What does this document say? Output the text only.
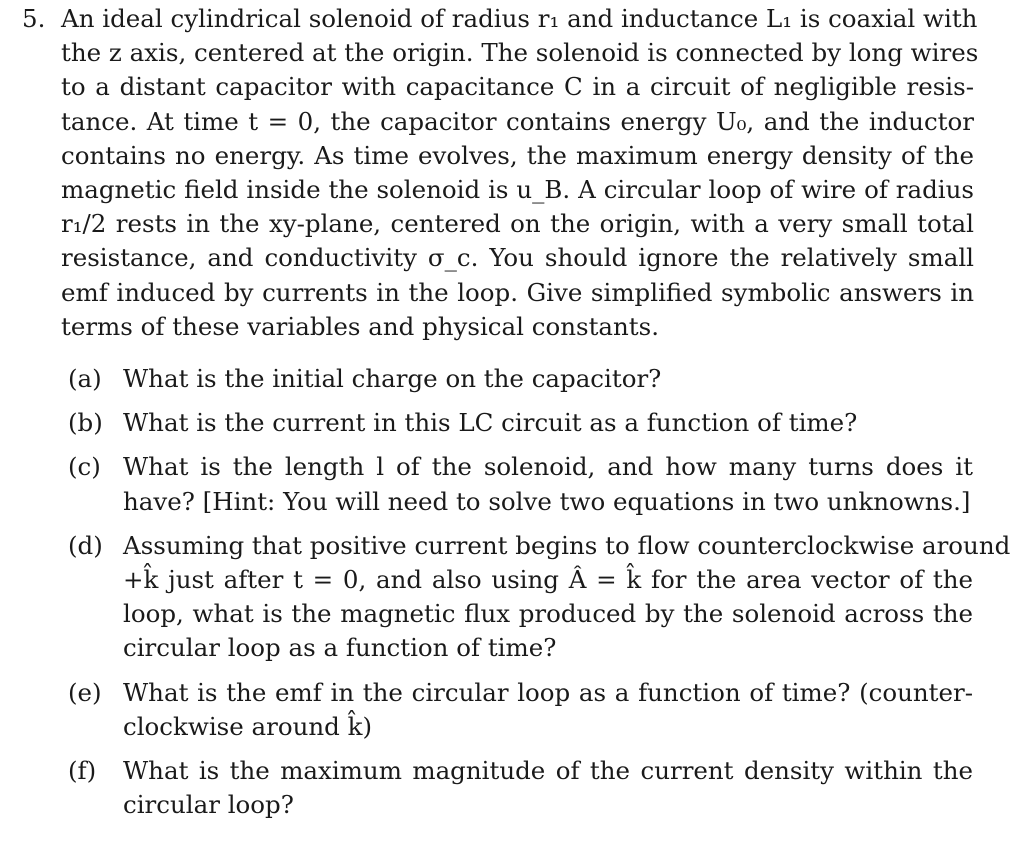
5. An ideal cylindrical solenoid of radius r₁ and inductance L₁ is coaxial with
the z axis, centered at the origin. The solenoid is connected by long wires
to a distant capacitor with capacitance C in a circuit of negligible resis-
tance. At time t = 0, the capacitor contains energy U₀, and the inductor
contains no energy. As time evolves, the maximum energy density of the
magnetic field inside the solenoid is u_B. A circular loop of wire of radius
r₁/2 rests in the xy-plane, centered on the origin, with a very small total
resistance, and conductivity σ_c. You should ignore the relatively small
emf induced by currents in the loop. Give simplified symbolic answers in
terms of these variables and physical constants.
(a) What is the initial charge on the capacitor?
(b) What is the current in this LC circuit as a function of time?
(c) What is the length l of the solenoid, and how many turns does it
have? [Hint: You will need to solve two equations in two unknowns.]
(d) Assuming that positive current begins to flow counterclockwise around
+k̂ just after t = 0, and also using Â = k̂ for the area vector of the
loop, what is the magnetic flux produced by the solenoid across the
circular loop as a function of time?
(e) What is the emf in the circular loop as a function of time? (counter-
clockwise around k̂)
(f) What is the maximum magnitude of the current density within the
circular loop?
